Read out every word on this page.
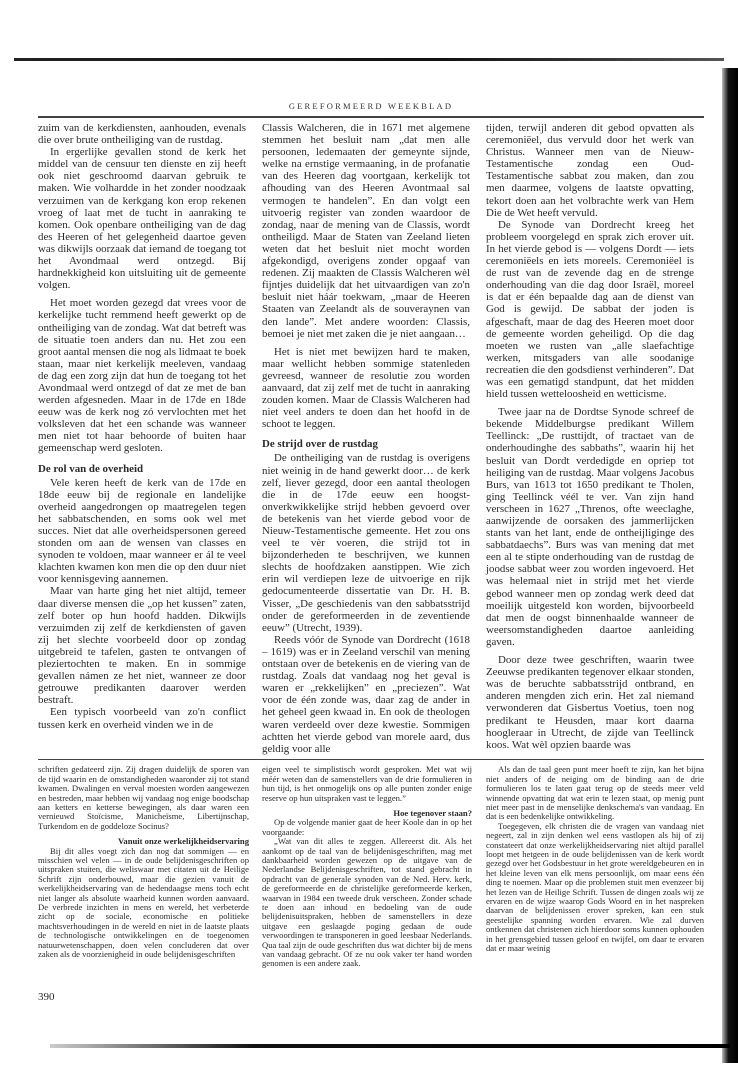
GEREFORMEERD WEEKBLAD

zuim van de kerkdiensten, aanhouden, evenals die over brute ontheiliging van de rustdag.

In ergerlijke gevallen stond de kerk het middel van de censuur ten dienste en zij heeft ook niet geschroomd daarvan gebruik te maken. Wie volhardde in het zonder noodzaak verzuimen van de kerkgang kon erop rekenen vroeg of laat met de tucht in aanraking te komen. Ook openbare ontheiliging van de dag des Heeren of het gelegenheid daartoe geven was dikwijls oorzaak dat iemand de toegang tot het Avondmaal werd ontzegd. Bij hardnekkigheid kon uitsluiting uit de gemeente volgen.

Het moet worden gezegd dat vrees voor de kerkelijke tucht remmend heeft gewerkt op de ontheiliging van de zondag. Wat dat betreft was de situatie toen anders dan nu. Het zou een groot aantal mensen die nog als lidmaat te boek staan, maar niet kerkelijk meeleven, vandaag de dag een zorg zijn dat hun de toegang tot het Avondmaal werd ontzegd of dat ze met de ban werden afgesneden. Maar in de 17de en 18de eeuw was de kerk nog zó vervlochten met het volksleven dat het een schande was wanneer men niet tot haar behoorde of buiten haar gemeenschap werd gesloten.

De rol van de overheid

Vele keren heeft de kerk van de 17de en 18de eeuw bij de regionale en landelijke overheid aangedrongen op maatregelen tegen het sabbatschenden, en soms ook wel met succes. Niet dat alle overheidspersonen gereed stonden om aan de wensen van classes en synoden te voldoen, maar wanneer er ál te veel klachten kwamen kon men die op den duur niet voor kennisgeving aannemen.

Maar van harte ging het niet altijd, temeer daar diverse mensen die „op het kussen” zaten, zelf boter op hun hoofd hadden. Dikwijls verzuimden zij zelf de kerkdiensten of gaven zij het slechte voorbeeld door op zondag uitgebreid te tafelen, gasten te ontvangen of pleziertochten te maken. En in sommige gevallen námen ze het niet, wanneer ze door getrouwe predikanten daarover werden bestraft.

Een typisch voorbeeld van zo'n conflict tussen kerk en overheid vinden we in de

Classis Walcheren, die in 1671 met algemene stemmen het besluit nam „dat men alle persoonen, ledemaaten der gemeynte sijnde, welke na ernstige vermaaning, in de profanatie van des Heeren dag voortgaan, kerkelijk tot afhouding van des Heeren Avontmaal sal vermogen te handelen”. En dan volgt een uitvoerig register van zonden waardoor de zondag, naar de mening van de Classis, wordt ontheiligd. Maar de Staten van Zeeland lieten weten dat het besluit niet mocht worden afgekondigd, overigens zonder opgaaf van redenen. Zij maakten de Classis Walcheren wèl fijntjes duidelijk dat het uitvaardigen van zo'n besluit niet háár toekwam, „maar de Heeren Staaten van Zeelandt als de souveraynen van den lande”. Met andere woorden: Classis, bemoei je niet met zaken die je niet aangaan…

Het is niet met bewijzen hard te maken, maar wellicht hebben sommige statenleden gevreesd, wanneer de resolutie zou worden aanvaard, dat zij zelf met de tucht in aanraking zouden komen. Maar de Classis Walcheren had niet veel anders te doen dan het hoofd in de schoot te leggen.

De strijd over de rustdag

De ontheiliging van de rustdag is overigens niet weinig in de hand gewerkt door… de kerk zelf, liever gezegd, door een aantal theologen die in de 17de eeuw een hoogst-onverkwikkelijke strijd hebben gevoerd over de betekenis van het vierde gebod voor de Nieuw-Testamentische gemeente. Het zou ons veel te vèr voeren, die strijd tot in bijzonderheden te beschrijven, we kunnen slechts de hoofdzaken aanstippen. Wie zich erin wil verdiepen leze de uitvoerige en rijk gedocumenteerde dissertatie van Dr. H. B. Visser, „De geschiedenis van den sabbatsstrijd onder de gereformeerden in de zeventiende eeuw” (Utrecht, 1939).

Reeds vóór de Synode van Dordrecht (1618 – 1619) was er in Zeeland verschil van mening ontstaan over de betekenis en de viering van de rustdag. Zoals dat vandaag nog het geval is waren er „rekkelijken” en „preciezen”. Wat voor de één zonde was, daar zag de ander in het geheel geen kwaad in. En ook de theologen waren verdeeld over deze kwestie. Sommigen achtten het vierde gebod van morele aard, dus geldig voor alle

tijden, terwijl anderen dit gebod opvatten als ceremoniëel, dus vervuld door het werk van Christus. Wanneer men van de Nieuw-Testamentische zondag een Oud-Testamentische sabbat zou maken, dan zou men daarmee, volgens de laatste opvatting, tekort doen aan het volbrachte werk van Hem Die de Wet heeft vervuld.

De Synode van Dordrecht kreeg het probleem voorgelegd en sprak zich erover uit. In het vierde gebod is — volgens Dordt — iets ceremoniëels en iets moreels. Ceremoniëel is de rust van de zevende dag en de strenge onderhouding van die dag door Israël, moreel is dat er één bepaalde dag aan de dienst van God is gewijd. De sabbat der joden is afgeschaft, maar de dag des Heeren moet door de gemeente worden geheiligd. Op die dag moeten we rusten van „alle slaefachtige werken, mitsgaders van alle soodanige recreatien die den godsdienst verhinderen”. Dat was een gematigd standpunt, dat het midden hield tussen wetteloosheid en wetticisme.

Twee jaar na de Dordtse Synode schreef de bekende Middelburgse predikant Willem Teellinck: „De rusttijdt, of tractaet van de onderhoudinghe des sabbaths”, waarin hij het besluit van Dordt verdedigde en opriep tot heiliging van de rustdag. Maar volgens Jacobus Burs, van 1613 tot 1650 predikant te Tholen, ging Teellinck véél te ver. Van zijn hand verscheen in 1627 „Threnos, ofte weeclaghe, aanwijzende de oorsaken des jammerlijcken stants van het lant, ende de ontheijliginge des sabbatdaechs”. Burs was van mening dat met een al te stipte onderhouding van de rustdag de joodse sabbat weer zou worden ingevoerd. Het was helemaal niet in strijd met het vierde gebod wanneer men op zondag werk deed dat moeilijk uitgesteld kon worden, bijvoorbeeld dat men de oogst binnenhaalde wanneer de weersomstandigheden daartoe aanleiding gaven.

Door deze twee geschriften, waarin twee Zeeuwse predikanten tegenover elkaar stonden, was de beruchte sabbatsstrijd ontbrand, en anderen mengden zich erin. Het zal niemand verwonderen dat Gisbertus Voetius, toen nog predikant te Heusden, maar kort daarna hoogleraar in Utrecht, de zijde van Teellinck koos. Wat wèl opzien baarde was

schriften gedateerd zijn. Zij dragen duidelijk de sporen van de tijd waarin en de omstandigheden waaronder zij tot stand kwamen. Dwalingen en verval moesten worden aangewezen en bestreden, maar hebben wij vandaag nog enige boodschap aan ketters en ketterse bewegingen, als daar waren een vernieuwd Stoïcisme, Manicheïsme, Libertijnschap, Turkendom en de goddeloze Socinus?

Vanuit onze werkelijkheidservaring

Bij dit alles voegt zich dan nog dat sommigen — en misschien wel velen — in de oude belijdenisgeschriften op uitspraken stuiten, die weliswaar met citaten uit de Heilige Schrift zijn onderbouwd, maar die gezien vanuit de werkelijkheidservaring van de hedendaagse mens toch echt niet langer als absolute waarheid kunnen worden aanvaard. De verbrede inzichten in mens en wereld, het verbeterde zicht op de sociale, economische en politieke machtsverhoudingen in de wereld en niet in de laatste plaats de technologische ontwikkelingen en de toegenomen natuurwetenschappen, doen velen concluderen dat over zaken als de voorzienigheid in oude belijdenisgeschriften

eigen veel te simplistisch wordt gesproken. Met wat wij méér weten dan de samenstellers van de drie formulieren in hun tijd, is het onmogelijk ons op alle punten zonder enige reserve op hun uitspraken vast te leggen.”

Hoe tegenover staan?

Op de volgende manier gaat de heer Koole dan in op het voorgaande:

„Wat van dit alles te zeggen. Allereerst dit. Als het aankomt op de taal van de belijdenisgeschriften, mag met dankbaarheid worden gewezen op de uitgave van de Nederlandse Belijdenisgeschriften, tot stand gebracht in opdracht van de generale synoden van de Ned. Herv. kerk, de gereformeerde en de christelijke gereformeerde kerken, waarvan in 1984 een tweede druk verscheen. Zonder schade te doen aan inhoud en bedoeling van de oude belijdenisuitspraken, hebben de samenstellers in deze uitgave een geslaagde poging gedaan de oude verwoordingen te transponeren in goed leesbaar Nederlands. Qua taal zijn de oude geschriften dus wat dichter bij de mens van vandaag gebracht. Of ze nu ook vaker ter hand worden genomen is een andere zaak.

Als dan de taal geen punt meer hoeft te zijn, kan het bijna niet anders of de neiging om de binding aan de drie formulieren los te laten gaat terug op de steeds meer veld winnende opvatting dat wat erin te lezen staat, op menig punt niet meer past in de menselijke denkschema's van vandaag. En dat is een bedenkelijke ontwikkeling.

Toegegeven, elk christen die de vragen van vandaag niet negeert, zal in zijn denken wel eens vastlopen als hij of zij constateert dat onze werkelijkheidservaring niet altijd parallel loopt met hetgeen in de oude belijdenissen van de kerk wordt gezegd over het Godsbestuur in het grote wereldgebeuren en in het kleine leven van elk mens persoonlijk, om maar eens één ding te noemen. Maar op die problemen stuit men evenzeer bij het lezen van de Heilige Schrift. Tussen de dingen zoals wij ze ervaren en de wijze waarop Gods Woord en in het naspreken daarvan de belijdenissen erover spreken, kan een stuk geestelijke spanning worden ervaren. Wie zal durven ontkennen dat christenen zich hierdoor soms kunnen ophouden in het grensgebied tussen geloof en twijfel, om daar te ervaren dat er maar weinig

390
